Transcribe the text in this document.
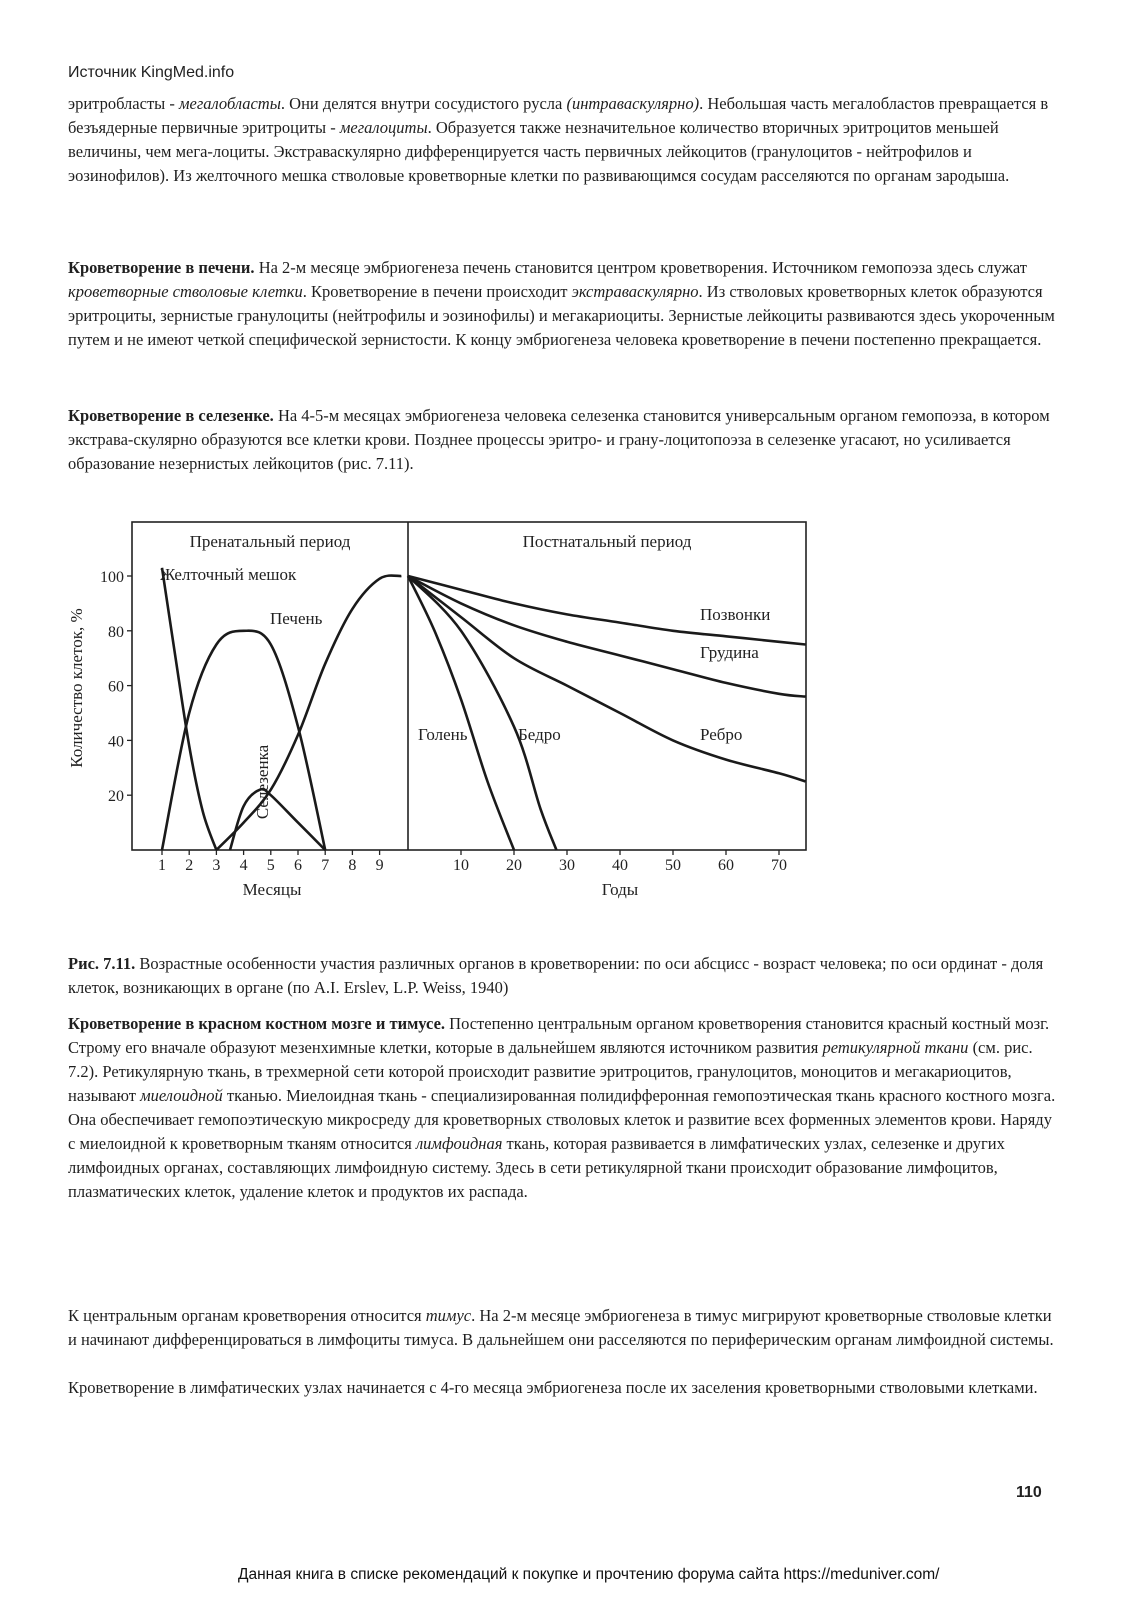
Источник KingMed.info

эритробласты - мегалобласты. Они делятся внутри сосудистого русла (интраваскулярно). Небольшая часть мегалобластов превращается в безъядерные первичные эритроциты - мегалоциты. Образуется также незначительное количество вторичных эритроцитов меньшей величины, чем мега-лоциты. Экстраваскулярно дифференцируется часть первичных лейкоцитов (гранулоцитов - нейтрофилов и эозинофилов). Из желточного мешка стволовые кроветворные клетки по развивающимся сосудам расселяются по органам зародыша.

Кроветворение в печени. На 2-м месяце эмбриогенеза печень становится центром кроветворения. Источником гемопоэза здесь служат кроветворные стволовые клетки. Кроветворение в печени происходит экстраваскулярно. Из стволовых кроветворных клеток образуются эритроциты, зернистые гранулоциты (нейтрофилы и эозинофилы) и мегакариоциты. Зернистые лейкоциты развиваются здесь укороченным путем и не имеют четкой специфической зернистости. К концу эмбриогенеза человека кроветворение в печени постепенно прекращается.

Кроветворение в селезенке. На 4-5-м месяцах эмбриогенеза человека селезенка становится универсальным органом гемопоэза, в котором экстрава-скулярно образуются все клетки крови. Позднее процессы эритро- и грану-лоцитопоэза в селезенке угасают, но усиливается образование незернистых лейкоцитов (рис. 7.11).

Пренатальный период	Постнатальный период
100
80
60
40
20
Количество клеток, %
1 2 3 4 5 6 7 8 9	10 20 30 40 50 60 70
Месяцы	Годы
Желточный мешок
Печень
Селезенка
Голень	Бедро	Ребро
Грудина
Позвонки

Рис. 7.11. Возрастные особенности участия различных органов в кроветворении: по оси абсцисс - возраст человека; по оси ординат - доля клеток, возникающих в органе (по A.I. Erslev, L.P. Weiss, 1940)

Кроветворение в красном костном мозге и тимусе. Постепенно центральным органом кроветворения становится красный костный мозг. Строму его вначале образуют мезенхимные клетки, которые в дальнейшем являются источником развития ретикулярной ткани (см. рис. 7.2). Ретикулярную ткань, в трехмерной сети которой происходит развитие эритроцитов, гранулоцитов, моноцитов и мегакариоцитов, называют миелоидной тканью. Миелоидная ткань - специализированная полидифферонная гемопоэтическая ткань красного костного мозга. Она обеспечивает гемопоэтическую микросреду для кроветворных стволовых клеток и развитие всех форменных элементов крови. Наряду с миелоидной к кроветворным тканям относится лимфоидная ткань, которая развивается в лимфатических узлах, селезенке и других лимфоидных органах, составляющих лимфоидную систему. Здесь в сети ретикулярной ткани происходит образование лимфоцитов, плазматических клеток, удаление клеток и продуктов их распада.

К центральным органам кроветворения относится тимус. На 2-м месяце эмбриогенеза в тимус мигрируют кроветворные стволовые клетки и начинают дифференцироваться в лимфоциты тимуса. В дальнейшем они расселяются по периферическим органам лимфоидной системы.

Кроветворение в лимфатических узлах начинается с 4-го месяца эмбриогенеза после их заселения кроветворными стволовыми клетками.

110
Данная книга в списке рекомендаций к покупке и прочтению форума сайта https://meduniver.com/
